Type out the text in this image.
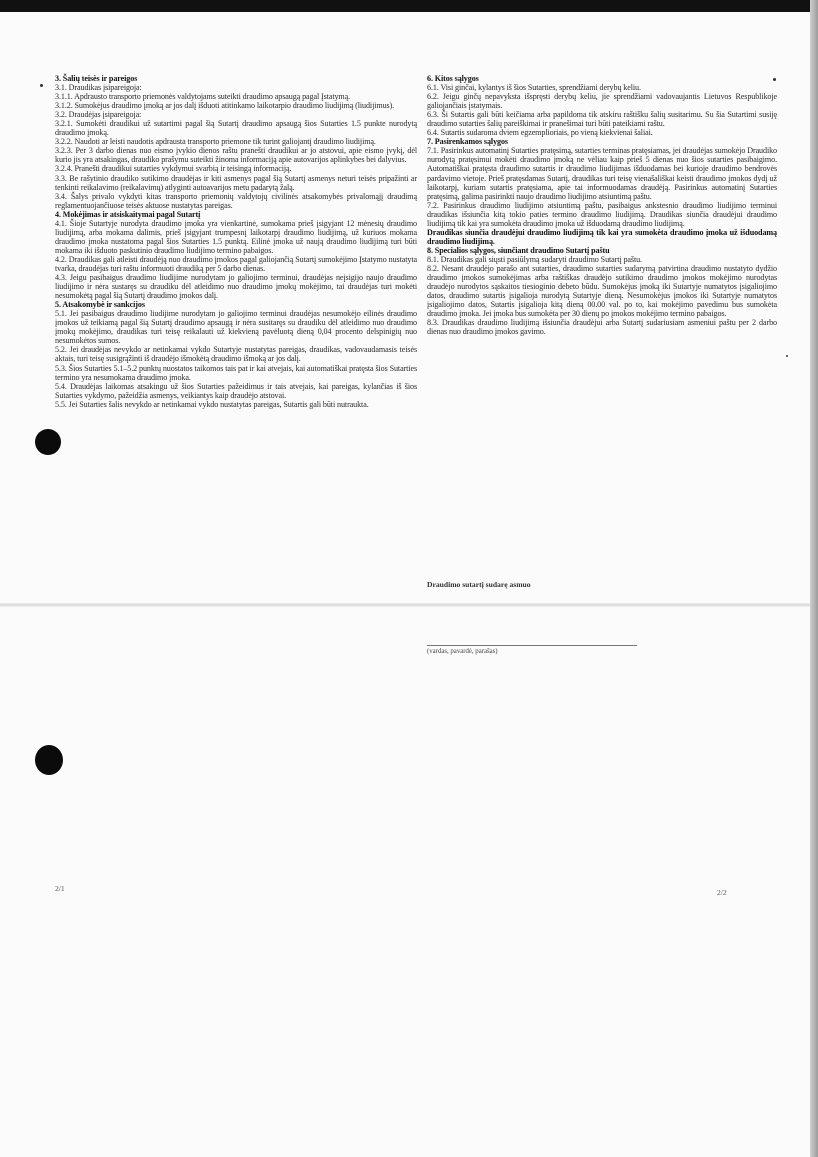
3. Šalių teisės ir pareigos

3.1. Draudikas įsipareigoja:

3.1.1. Apdrausto transporto priemonės valdytojams suteikti draudimo apsaugą pagal Įstatymą.

3.1.2. Sumokėjus draudimo įmoką ar jos dalį išduoti atitinkamo laikotarpio draudimo liudijimą (liudijimus).

3.2. Draudėjas įsipareigoja:

3.2.1. Sumokėti draudikui už sutartimi pagal šią Sutartį draudimo apsaugą šios Sutarties 1.5 punkte nurodytą draudimo įmoką.

3.2.2. Naudoti ar leisti naudotis apdrausta transporto priemone tik turint galiojantį draudimo liudijimą.

3.2.3. Per 3 darbo dienas nuo eismo įvykio dienos raštu pranešti draudikui ar jo atstovui, apie eismo įvykį, dėl kurio jis yra atsakingas, draudiko prašymu suteikti žinoma informaciją apie autovarijos aplinkybes bei dalyvius.

3.2.4. Pranešti draudikui sutarties vykdymui svarbią ir teisingą informaciją.

3.3. Be rašytinio draudiko sutikimo draudėjas ir kiti asmenys pagal šią Sutartį asmenys neturi teisės pripažinti ar tenkinti reikalavimo (reikalavimų) atlyginti autoavarijos metu padarytą žalą.

3.4. Šalys privalo vykdyti kitas transporto priemonių valdytojų civilinės atsakomybės privalomąjį draudimą reglamentuojančiuose teisės aktuose nustatytas pareigas.

4. Mokėjimas ir atsiskaitymai pagal Sutartį

4.1. Šioje Sutartyje nurodyta draudimo įmoka yra vienkartinė, sumokama prieš įsigyjant 12 mėnesių draudimo liudijimą, arba mokama dalimis, prieš įsigyjant trumpesnį laikotarpį draudimo liudijimą, už kuriuos mokama draudimo įmoka nustatoma pagal šios Sutarties 1.5 punktą. Eilinė įmoka už naują draudimo liudijimą turi būti mokama iki išduoto paskutinio draudimo liudijimo termino pabaigos.

4.2. Draudikas gali atleisti draudėją nuo draudimo įmokos pagal galiojančią Sutartį sumokėjimo Įstatymo nustatyta tvarka, draudėjas turi raštu informuoti draudiką per 5 darbo dienas.

4.3. Jeigu pasibaigus draudimo liudijime nurodytam jo galiojimo terminui, draudėjas neįsigijo naujo draudimo liudijimo ir nėra sustaręs su draudiku dėl atleidimo nuo draudimo įmokų mokėjimo, tai draudėjas turi mokėti nesumokėtą pagal šią Sutartį draudimo įmokos dalį.

5. Atsakomybė ir sankcijos

5.1. Jei pasibaigus draudimo liudijime nurodytam jo galiojimo terminui draudėjas nesumokėjo eilinės draudimo įmokos už teikiamą pagal šią Sutartį draudimo apsaugą ir nėra susitaręs su draudiku dėl atleidimo nuo draudimo įmokų mokėjimo, draudikas turi teisę reikalauti už kiekvieną pavėluotą dieną 0,04 procento delspinigių nuo nesumokėtos sumos.

5.2. Jei draudėjas nevykdo ar netinkamai vykdo Sutartyje nustatytas pareigas, draudikas, vadovaudamasis teisės aktais, turi teisę susigrąžinti iš draudėjo išmokėtą draudimo išmoką ar jos dalį.

5.3. Šios Sutarties 5.1–5.2 punktų nuostatos taikomos tais pat ir kai atvejais, kai automatiškai pratęsta šios Sutarties termino yra nesumokama draudimo įmoka.

5.4. Draudėjas laikomas atsakingu už šios Sutarties pažeidimus ir tais atvejais, kai pareigas, kylančias iš šios Sutarties vykdymo, pažeidžia asmenys, veikiantys kaip draudėjo atstovai.

5.5. Jei Sutarties šalis nevykdo ar netinkamai vykdo nustatytas pareigas, Sutartis gali būti nutraukta.

6. Kitos sąlygos

6.1. Visi ginčai, kylantys iš šios Sutarties, sprendžiami derybų keliu.

6.2. Jeigu ginčų nepavyksta išspręsti derybų keliu, jie sprendžiami vadovaujantis Lietuvos Respublikoje galiojančiais įstatymais.

6.3. Ši Sutartis gali būti keičiama arba papildoma tik atskiru raštišku šalių susitarimu. Su šia Sutartimi susiję draudimo sutarties šalių pareiškimai ir pranešimai turi būti pateikiami raštu.

6.4. Sutartis sudaroma dviem egzemplioriais, po vieną kiekvienai šaliai.

7. Pasirenkamos sąlygos

7.1. Pasirinkus automatinį Sutarties pratęsimą, sutarties terminas pratęsiamas, jei draudėjas sumokėjo Draudiko nurodytą pratęsimui mokėti draudimo įmoką ne vėliau kaip prieš 5 dienas nuo šios sutarties pasibaigimo. Automatiškai pratęsta draudimo sutartis ir draudimo liudijimas išduodamas bei kurioje draudimo bendrovės pardavimo vietoje. Prieš pratęsdamas Sutartį, draudikas turi teisę vienašališkai keisti draudimo įmokos dydį už laikotarpį, kuriam sutartis pratęsiama, apie tai informuodamas draudėją. Pasirinkus automatinį Sutarties pratęsimą, galima pasirinkti naujo draudimo liudijimo atsiuntimą paštu.

7.2. Pasirinkus draudimo liudijimo atsiuntimą paštu, pasibaigus ankstesnio draudimo liudijimo terminui draudikas išsiunčia kitą tokio paties termino draudimo liudijimą. Draudikas siunčia draudėjui draudimo liudijimą tik kai yra sumokėta draudimo įmoka už išduodamą draudimo liudijimą.

Draudikas siunčia draudėjui draudimo liudijimą tik kai yra sumokėta draudimo įmoka už išduodamą draudimo liudijimą.

8. Specialios sąlygos, siunčiant draudimo Sutartį paštu

8.1. Draudikas gali siųsti pasiūlymą sudaryti draudimo Sutartį paštu.

8.2. Nesant draudėjo parašo ant sutarties, draudimo sutarties sudarymą patvirtina draudimo nustatyto dydžio draudimo įmokos sumokėjimas arba raštiškas draudėjo sutikimo draudimo įmokos mokėjimo nurodytas draudėjo nurodytos sąskaitos tiesioginio debeto būdu. Sumokėjus įmoką iki Sutartyje numatytos įsigaliojimo datos, draudimo sutartis įsigalioja nurodytą Sutartyje dieną. Nesumokėjus įmokos iki Sutartyje numatytos įsigaliojimo datos, Sutartis įsigalioja kitą dieną 00.00 val. po to, kai mokėjimo pavedimu bus sumokėta draudimo įmoka. Jei įmoka bus sumokėta per 30 dienų po įmokos mokėjimo termino pabaigos.

8.3. Draudikas draudimo liudijimą išsiunčia draudėjui arba Sutartį sudariusiam asmeniui paštu per 2 darbo dienas nuo draudimo įmokos gavimo.

Draudimo sutartį sudarę asmuo
(vardas, pavardė, parašas)
2/1	2/2
